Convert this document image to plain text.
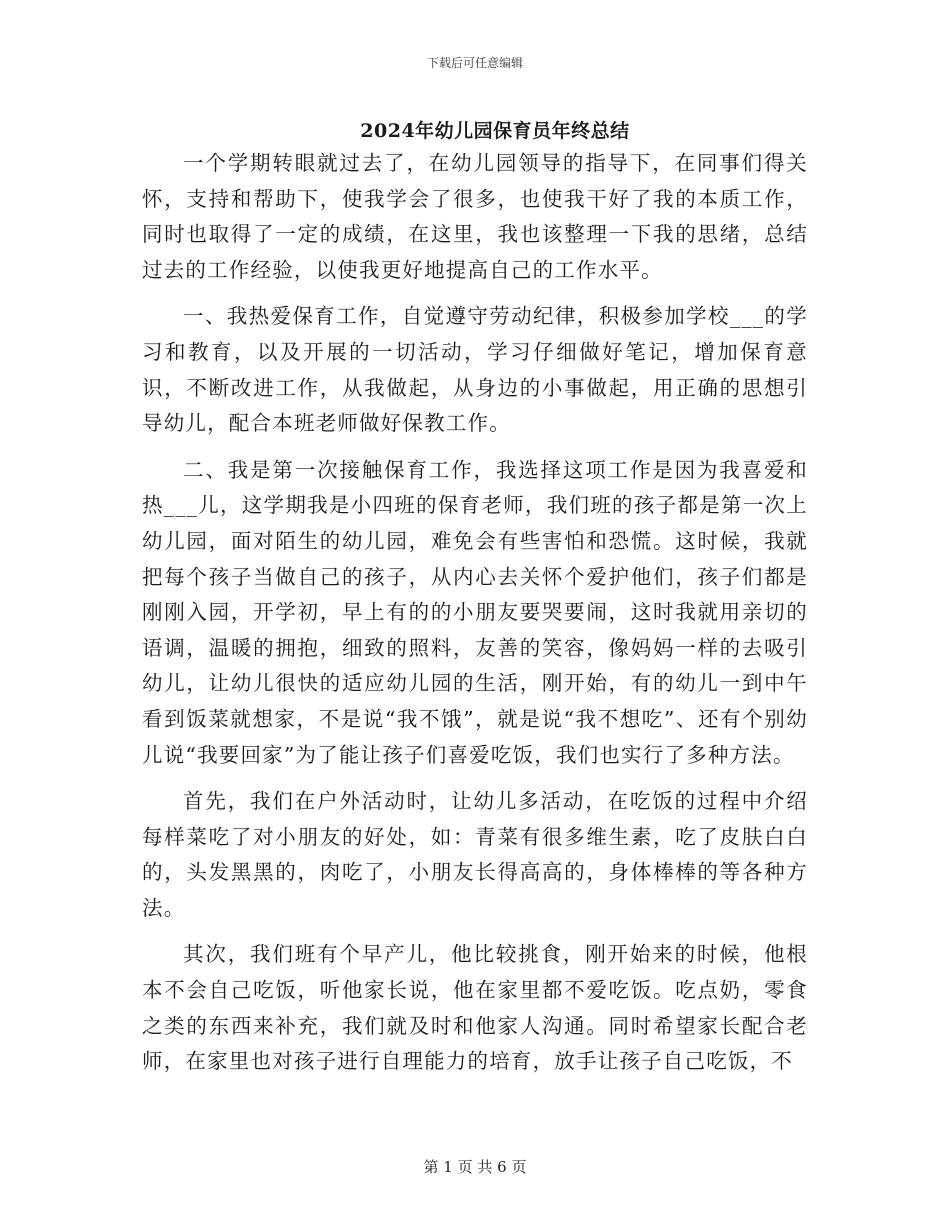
下载后可任意编辑
2024年幼儿园保育员年终总结

一个学期转眼就过去了，在幼儿园领导的指导下，在同事们得关怀，支持和帮助下，使我学会了很多，也使我干好了我的本质工作，同时也取得了一定的成绩，在这里，我也该整理一下我的思绪，总结过去的工作经验，以使我更好地提高自己的工作水平。

一、我热爱保育工作，自觉遵守劳动纪律，积极参加学校___的学习和教育，以及开展的一切活动，学习仔细做好笔记，增加保育意识，不断改进工作，从我做起，从身边的小事做起，用正确的思想引导幼儿，配合本班老师做好保教工作。

二、我是第一次接触保育工作，我选择这项工作是因为我喜爱和热___儿，这学期我是小四班的保育老师，我们班的孩子都是第一次上幼儿园，面对陌生的幼儿园，难免会有些害怕和恐慌。这时候，我就把每个孩子当做自己的孩子，从内心去关怀个爱护他们，孩子们都是刚刚入园，开学初，早上有的的小朋友要哭要闹，这时我就用亲切的语调，温暖的拥抱，细致的照料，友善的笑容，像妈妈一样的去吸引幼儿，让幼儿很快的适应幼儿园的生活，刚开始，有的幼儿一到中午看到饭菜就想家，不是说“我不饿”，就是说“我不想吃”、还有个别幼儿说“我要回家”为了能让孩子们喜爱吃饭，我们也实行了多种方法。

首先，我们在户外活动时，让幼儿多活动，在吃饭的过程中介绍每样菜吃了对小朋友的好处，如：青菜有很多维生素，吃了皮肤白白的，头发黑黑的，肉吃了，小朋友长得高高的，身体棒棒的等各种方法。

其次，我们班有个早产儿，他比较挑食，刚开始来的时候，他根本不会自己吃饭，听他家长说，他在家里都不爱吃饭。吃点奶，零食之类的东西来补充，我们就及时和他家人沟通。同时希望家长配合老师，在家里也对孩子进行自理能力的培育，放手让孩子自己吃饭，不

第 1 页 共 6 页
